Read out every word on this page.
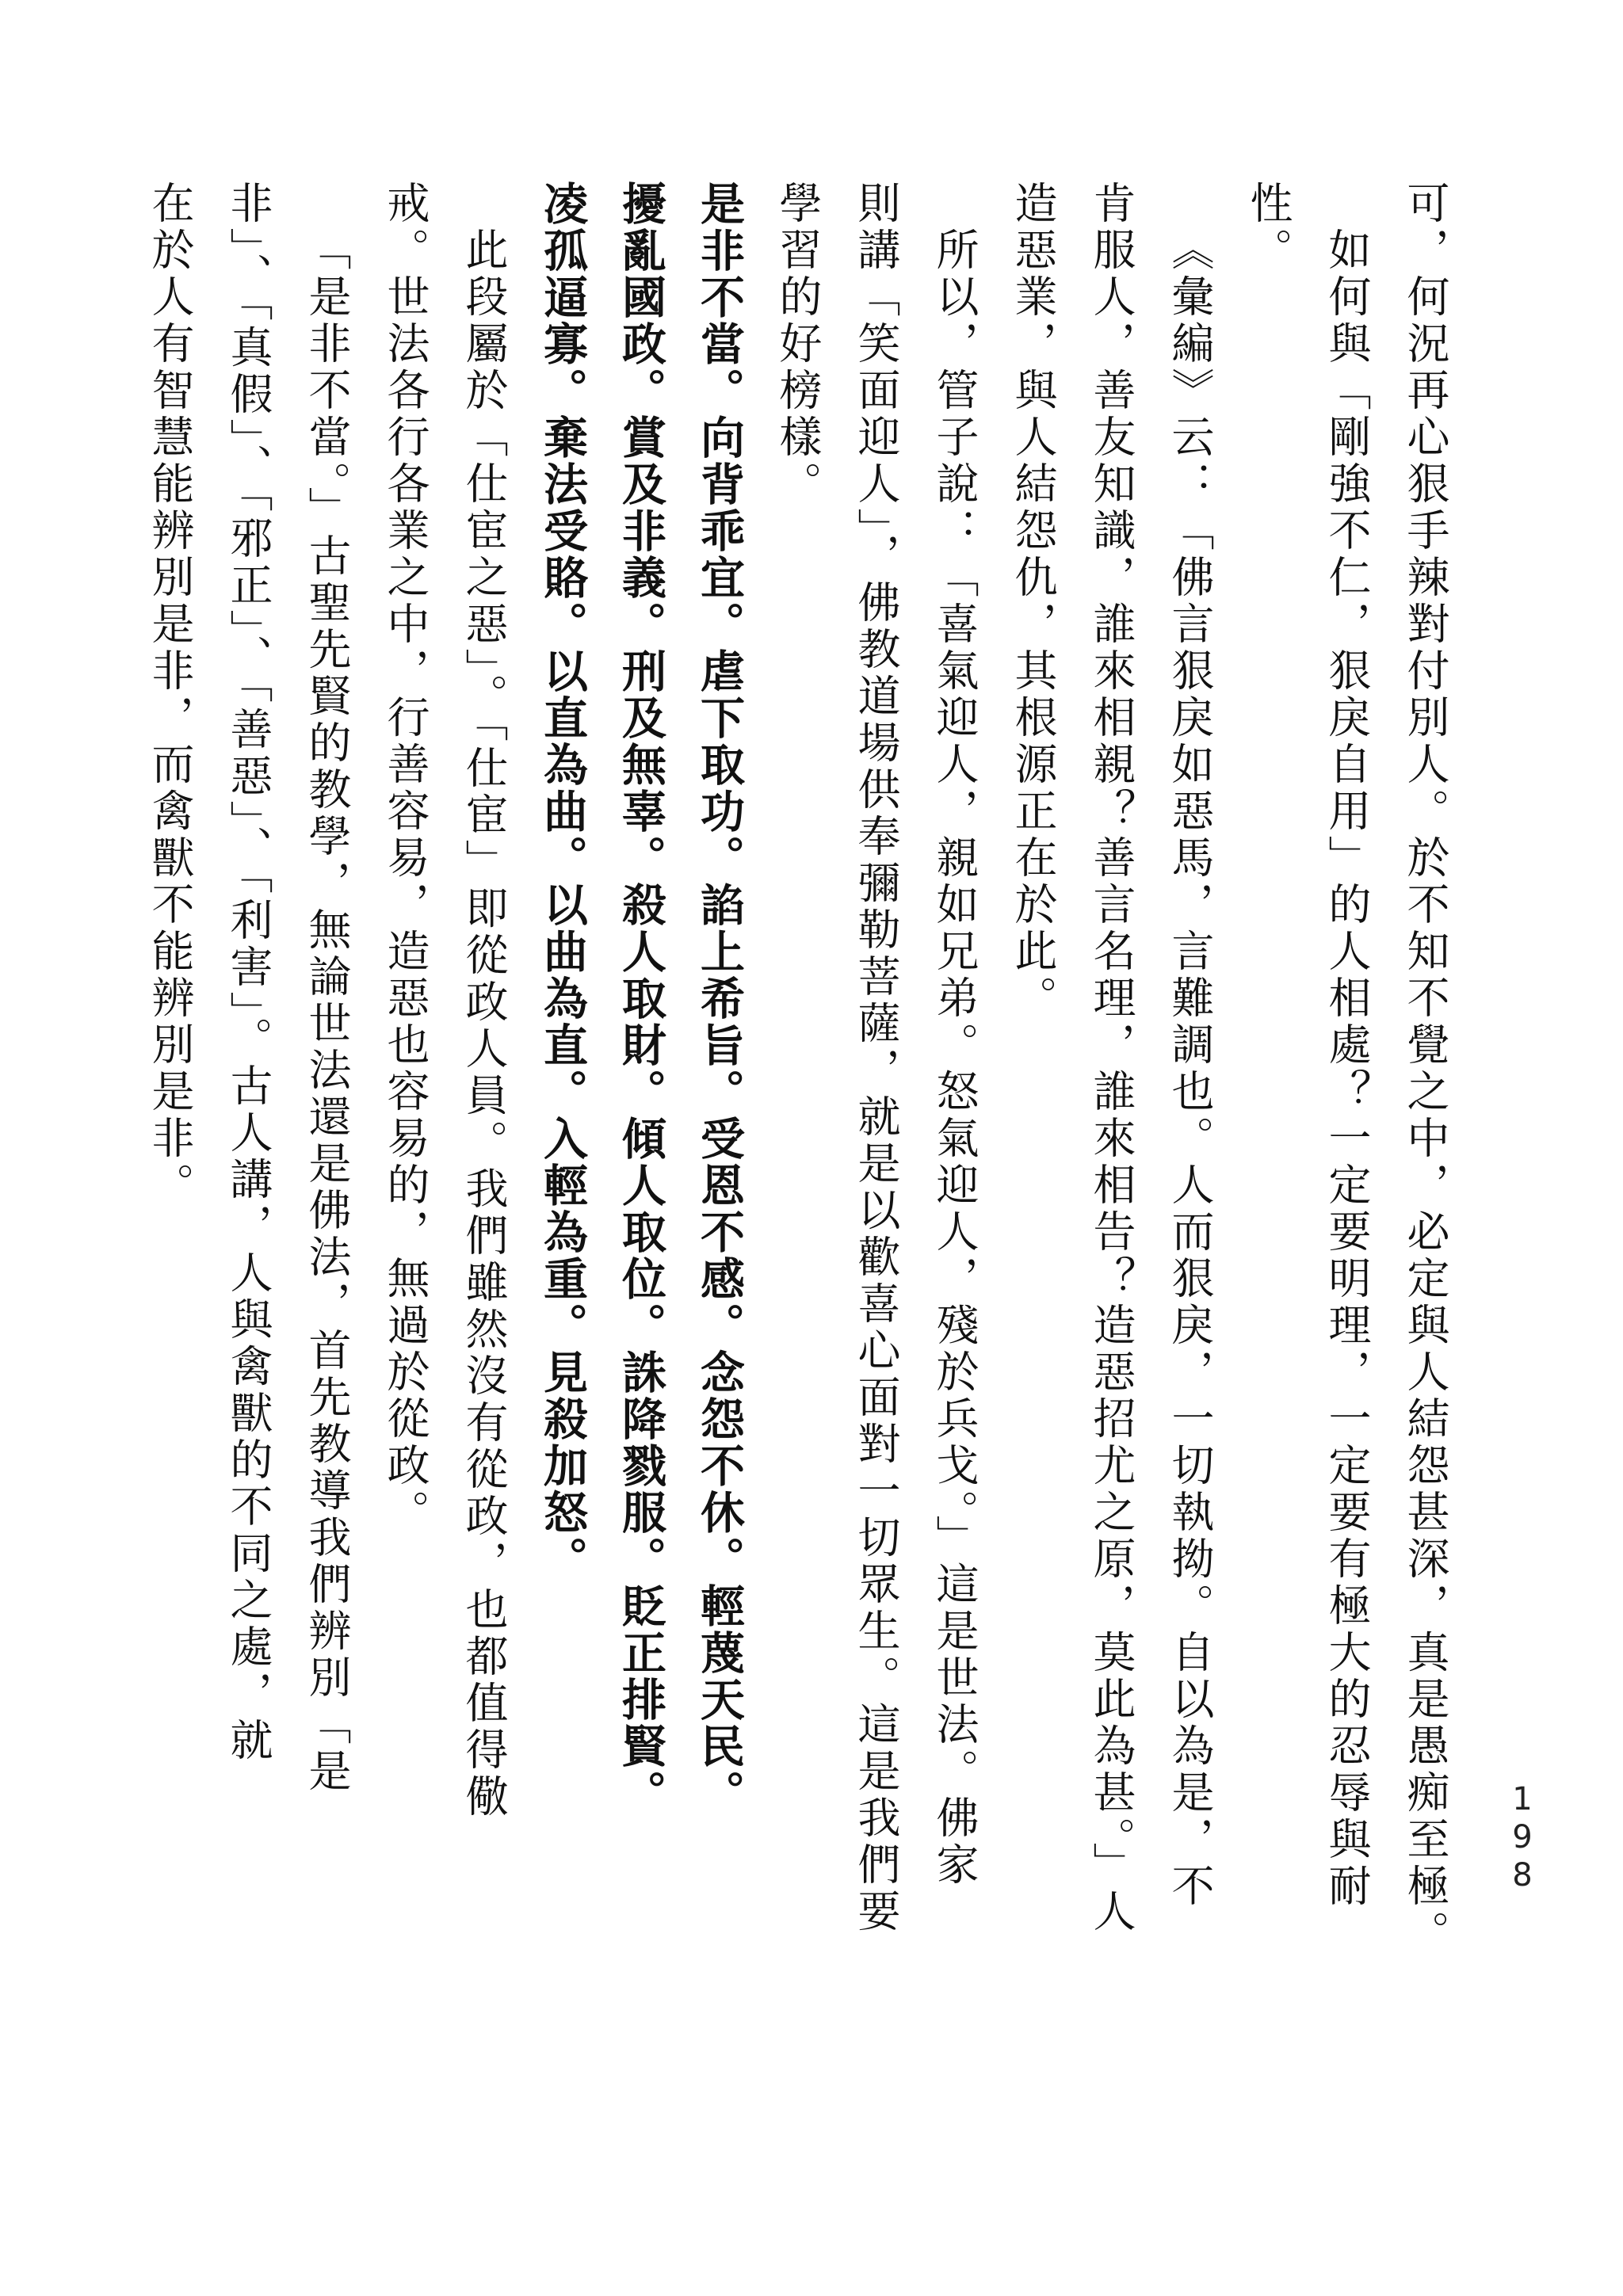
198

可，何況再心狠手辣對付別人。於不知不覺之中，必定與人結怨甚深，真是愚痴至極。

如何與「剛強不仁，狠戾自用」的人相處？一定要明理，一定要有極大的忍辱與耐

性。

《彙編》云：「佛言狠戾如惡馬，言難調也。人而狠戾，一切執拗。自以為是，不

肯服人，善友知識，誰來相親？善言名理，誰來相告？造惡招尤之原，莫此為甚。」人

造惡業，與人結怨仇，其根源正在於此。

所以，管子說：「喜氣迎人，親如兄弟。怒氣迎人，殘於兵戈。」這是世法。佛家

則講「笑面迎人」，佛教道場供奉彌勒菩薩，就是以歡喜心面對一切眾生。這是我們要

學習的好榜樣。

是非不當。向背乖宜。虐下取功。諂上希旨。受恩不感。念怨不休。輕蔑天民。

擾亂國政。賞及非義。刑及無辜。殺人取財。傾人取位。誅降戮服。貶正排賢。

凌孤逼寡。棄法受賂。以直為曲。以曲為直。入輕為重。見殺加怒。

此段屬於「仕宦之惡」。「仕宦」即從政人員。我們雖然沒有從政，也都值得儆

戒。世法各行各業之中，行善容易，造惡也容易的，無過於從政。

「是非不當。」古聖先賢的教學，無論世法還是佛法，首先教導我們辨別「是

非」、「真假」、「邪正」、「善惡」、「利害」。古人講，人與禽獸的不同之處，就

在於人有智慧能辨別是非，而禽獸不能辨別是非。
